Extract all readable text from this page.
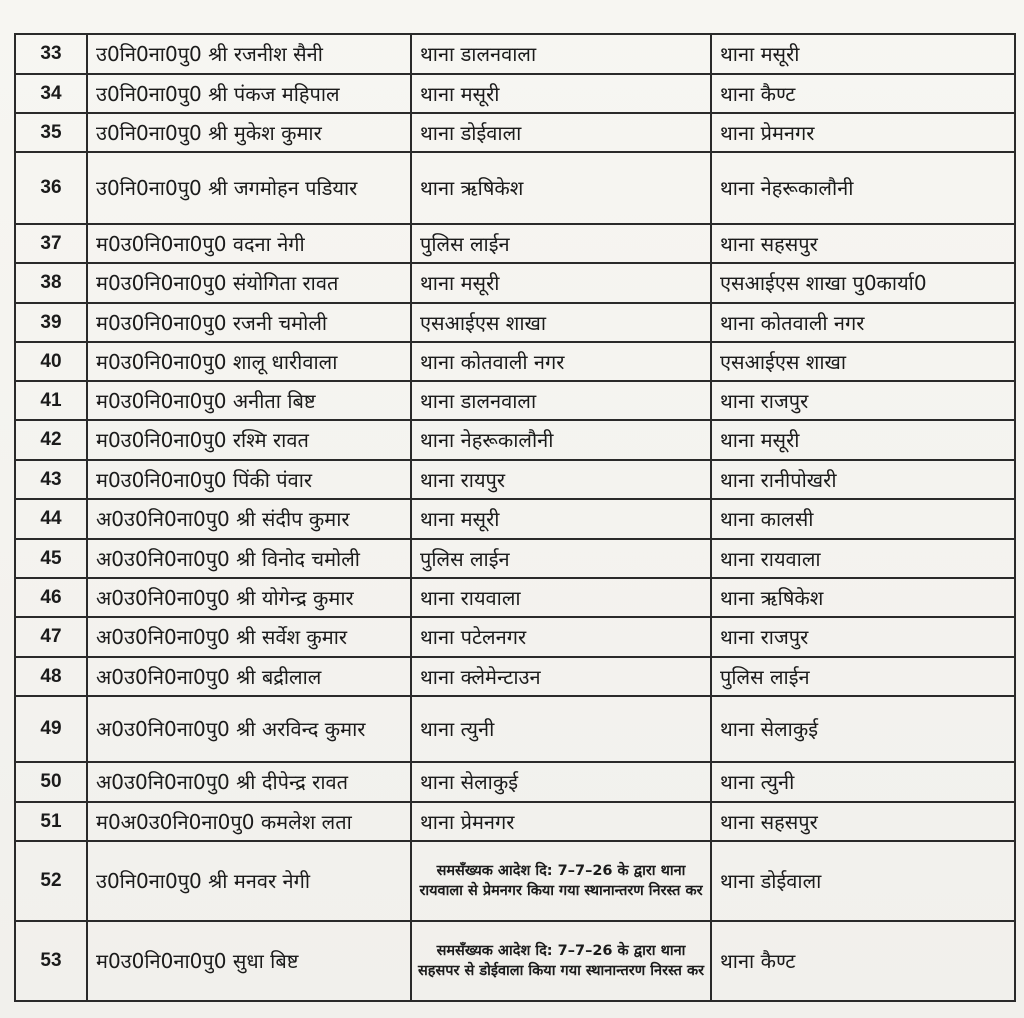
33	उ0नि0ना0पु0 श्री रजनीश सैनी	थाना डालनवाला	थाना मसूरी
34	उ0नि0ना0पु0 श्री पंकज महिपाल	थाना मसूरी	थाना कैण्ट
35	उ0नि0ना0पु0 श्री मुकेश कुमार	थाना डोईवाला	थाना प्रेमनगर
36	उ0नि0ना0पु0 श्री जगमोहन पडियार	थाना ऋषिकेश	थाना नेहरूकालौनी
37	म0उ0नि0ना0पु0 वदना नेगी	पुलिस लाईन	थाना सहसपुर
38	म0उ0नि0ना0पु0 संयोगिता रावत	थाना मसूरी	एसआईएस शाखा पु0कार्या0
39	म0उ0नि0ना0पु0 रजनी चमोली	एसआईएस शाखा	थाना कोतवाली नगर
40	म0उ0नि0ना0पु0 शालू धारीवाला	थाना कोतवाली नगर	एसआईएस शाखा
41	म0उ0नि0ना0पु0 अनीता बिष्ट	थाना डालनवाला	थाना राजपुर
42	म0उ0नि0ना0पु0 रश्मि रावत	थाना नेहरूकालौनी	थाना मसूरी
43	म0उ0नि0ना0पु0 पिंकी पंवार	थाना रायपुर	थाना रानीपोखरी
44	अ0उ0नि0ना0पु0 श्री संदीप कुमार	थाना मसूरी	थाना कालसी
45	अ0उ0नि0ना0पु0 श्री विनोद चमोली	पुलिस लाईन	थाना रायवाला
46	अ0उ0नि0ना0पु0 श्री योगेन्द्र कुमार	थाना रायवाला	थाना ऋषिकेश
47	अ0उ0नि0ना0पु0 श्री सर्वेश कुमार	थाना पटेलनगर	थाना राजपुर
48	अ0उ0नि0ना0पु0 श्री बद्रीलाल	थाना क्लेमेन्टाउन	पुलिस लाईन
49	अ0उ0नि0ना0पु0 श्री अरविन्द कुमार	थाना त्युनी	थाना सेलाकुई
50	अ0उ0नि0ना0पु0 श्री दीपेन्द्र रावत	थाना सेलाकुई	थाना त्युनी
51	म0अ0उ0नि0ना0पु0 कमलेश लता	थाना प्रेमनगर	थाना सहसपुर
52	उ0नि0ना0पु0 श्री मनवर नेगी	समसँख्यक आदेश दि: 7–7–26 के द्वारा थाना रायवाला से प्रेमनगर किया गया स्थानान्तरण निरस्त कर	थाना डोईवाला
53	म0उ0नि0ना0पु0 सुधा बिष्ट	समसँख्यक आदेश दि: 7–7–26 के द्वारा थाना सहसपर से डोईवाला किया गया स्थानान्तरण निरस्त कर	थाना कैण्ट
